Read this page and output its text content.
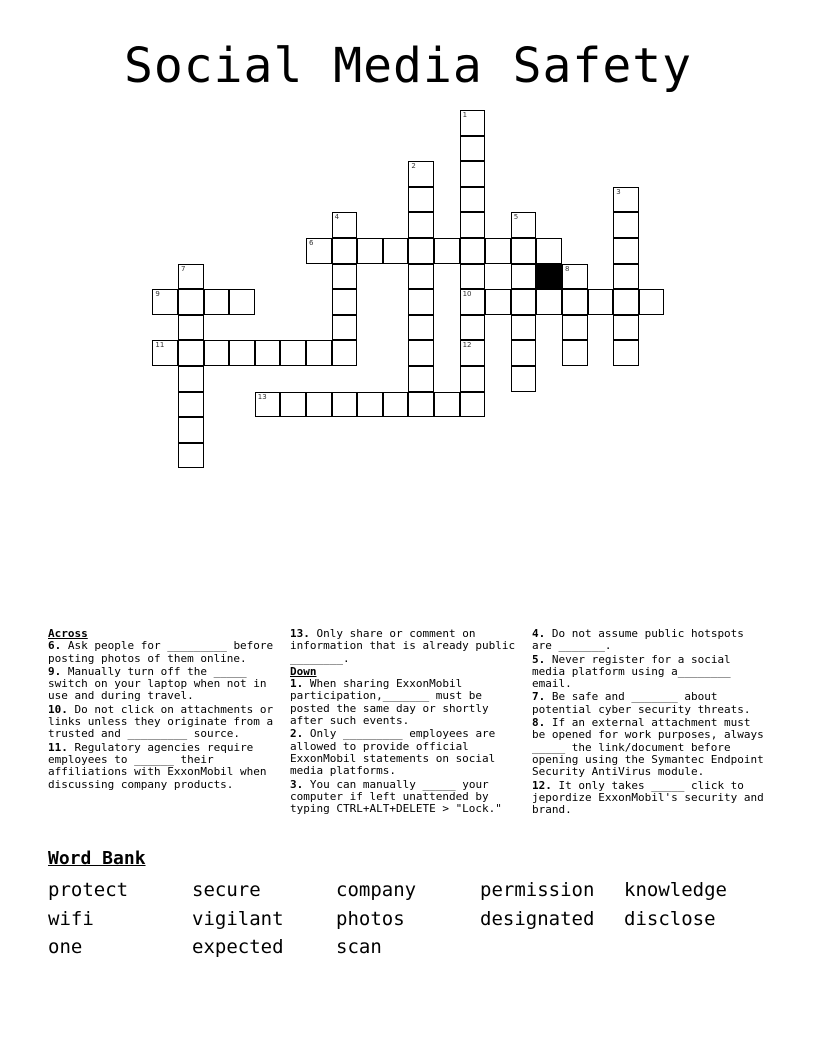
Social Media Safety
1
2
3
4	5
6
7	8
9	10
11	12
13
Across
6. Ask people for _________ before posting photos of them online.
9. Manually turn off the _____ switch on your laptop when not in use and during travel.
10. Do not click on attachments or links unless they originate from a trusted and _________ source.
11. Regulatory agencies require employees to ______ their affiliations with ExxonMobil when discussing company products.
13. Only share or comment on information that is already public ________.
Down
1. When sharing ExxonMobil participation,_______ must be posted the same day or shortly after such events.
2. Only _________ employees are allowed to provide official ExxonMobil statements on social media platforms.
3. You can manually _____ your computer if left unattended by typing CTRL+ALT+DELETE > "Lock."
4. Do not assume public hotspots are _______.
5. Never register for a social media platform using a________ email.
7. Be safe and _______ about potential cyber security threats.
8. If an external attachment must be opened for work purposes, always _____ the link/document before opening using the Symantec Endpoint Security AntiVirus module.
12. It only takes _____ click to jepordize ExxonMobil's security and brand.
Word Bank
protect	secure	company	permission	knowledge
wifi	vigilant	photos	designated	disclose
one	expected	scan
